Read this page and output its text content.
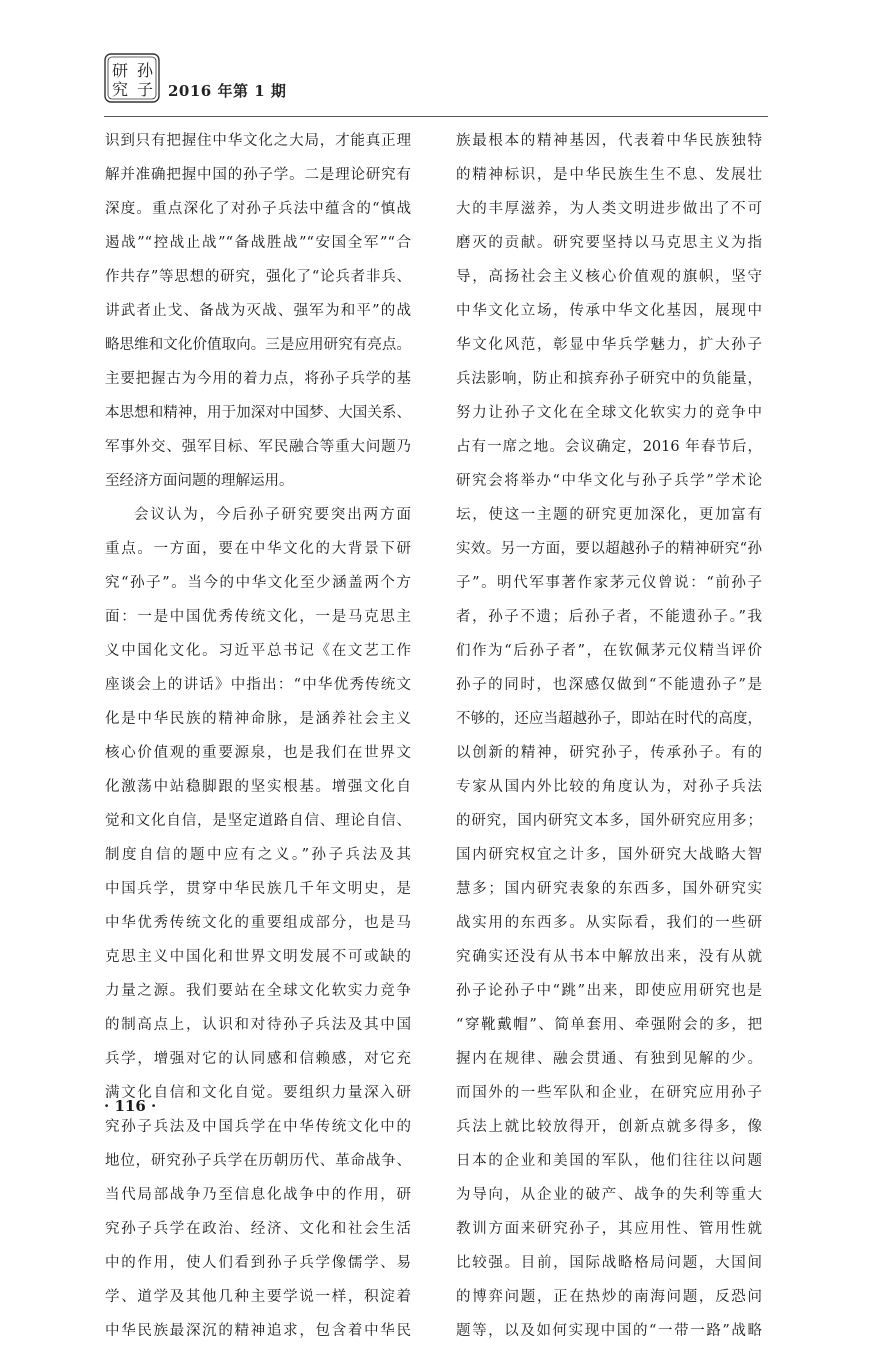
孙
子
研
究	2016 年第 1 期
识到只有把握住中华文化之大局，才能真正理
解并准确把握中国的孙子学。二是理论研究有
深度。重点深化了对孙子兵法中蕴含的“慎战
遏战”“控战止战”“备战胜战”“安国全军”“合
作共存”等思想的研究，强化了“论兵者非兵、
讲武者止戈、备战为灭战、强军为和平”的战
略思维和文化价值取向。三是应用研究有亮点。
主要把握古为今用的着力点，将孙子兵学的基
本思想和精神，用于加深对中国梦、大国关系、
军事外交、强军目标、军民融合等重大问题乃
至经济方面问题的理解运用。
会议认为，今后孙子研究要突出两方面
重点。一方面，要在中华文化的大背景下研
究“孙子”。当今的中华文化至少涵盖两个方
面：一是中国优秀传统文化，一是马克思主
义中国化文化。习近平总书记《在文艺工作
座谈会上的讲话》中指出：“中华优秀传统文
化是中华民族的精神命脉，是涵养社会主义
核心价值观的重要源泉，也是我们在世界文
化激荡中站稳脚跟的坚实根基。增强文化自
觉和文化自信，是坚定道路自信、理论自信、
制度自信的题中应有之义。”孙子兵法及其
中国兵学，贯穿中华民族几千年文明史，是
中华优秀传统文化的重要组成部分，也是马
克思主义中国化和世界文明发展不可或缺的
力量之源。我们要站在全球文化软实力竞争
的制高点上，认识和对待孙子兵法及其中国
兵学，增强对它的认同感和信赖感，对它充
满文化自信和文化自觉。要组织力量深入研
究孙子兵法及中国兵学在中华传统文化中的
地位，研究孙子兵学在历朝历代、革命战争、
当代局部战争乃至信息化战争中的作用，研
究孙子兵学在政治、经济、文化和社会生活
中的作用，使人们看到孙子兵学像儒学、易
学、道学及其他几种主要学说一样，积淀着
中华民族最深沉的精神追求，包含着中华民
族最根本的精神基因，代表着中华民族独特
的精神标识，是中华民族生生不息、发展壮
大的丰厚滋养，为人类文明进步做出了不可
磨灭的贡献。研究要坚持以马克思主义为指
导，高扬社会主义核心价值观的旗帜，坚守
中华文化立场，传承中华文化基因，展现中
华文化风范，彰显中华兵学魅力，扩大孙子
兵法影响，防止和摈弃孙子研究中的负能量，
努力让孙子文化在全球文化软实力的竞争中
占有一席之地。会议确定，2016 年春节后，
研究会将举办“中华文化与孙子兵学”学术论
坛，使这一主题的研究更加深化，更加富有
实效。另一方面，要以超越孙子的精神研究“孙
子”。明代军事著作家茅元仪曾说：“前孙子
者，孙子不遗；后孙子者，不能遗孙子。”我
们作为“后孙子者”，在钦佩茅元仪精当评价
孙子的同时，也深感仅做到“不能遗孙子”是
不够的，还应当超越孙子，即站在时代的高度，
以创新的精神，研究孙子，传承孙子。有的
专家从国内外比较的角度认为，对孙子兵法
的研究，国内研究文本多，国外研究应用多；
国内研究权宜之计多，国外研究大战略大智
慧多；国内研究表象的东西多，国外研究实
战实用的东西多。从实际看，我们的一些研
究确实还没有从书本中解放出来，没有从就
孙子论孙子中“跳”出来，即使应用研究也是
“穿靴戴帽”、简单套用、牵强附会的多，把
握内在规律、融会贯通、有独到见解的少。
而国外的一些军队和企业，在研究应用孙子
兵法上就比较放得开，创新点就多得多，像
日本的企业和美国的军队，他们往往以问题
为导向，从企业的破产、战争的失利等重大
教训方面来研究孙子，其应用性、管用性就
比较强。目前，国际战略格局问题，大国间
的博弈问题，正在热炒的南海问题，反恐问
题等，以及如何实现中国的“一带一路”战略
· 116 ·
